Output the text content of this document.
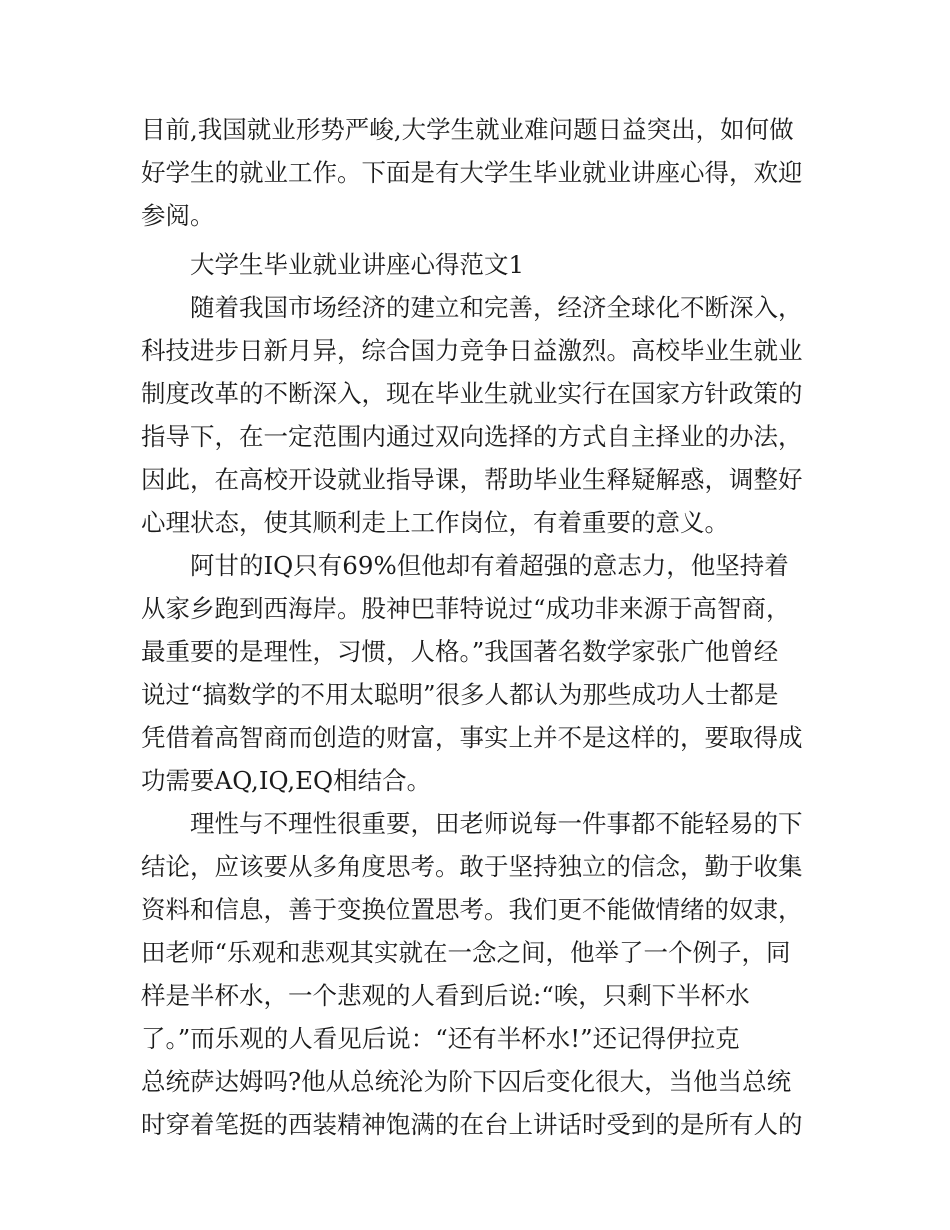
目前,我国就业形势严峻,大学生就业难问题日益突出，如何做
好学生的就业工作。下面是有大学生毕业就业讲座心得，欢迎
参阅。
大学生毕业就业讲座心得范文1
随着我国市场经济的建立和完善，经济全球化不断深入，
科技进步日新月异，综合国力竞争日益激烈。高校毕业生就业
制度改革的不断深入，现在毕业生就业实行在国家方针政策的
指导下，在一定范围内通过双向选择的方式自主择业的办法，
因此，在高校开设就业指导课，帮助毕业生释疑解惑，调整好
心理状态，使其顺利走上工作岗位，有着重要的意义。
阿甘的IQ只有69%但他却有着超强的意志力，他坚持着
从家乡跑到西海岸。股神巴菲特说过“成功非来源于高智商，
最重要的是理性，习惯，人格。”我国著名数学家张广他曾经
说过“搞数学的不用太聪明”很多人都认为那些成功人士都是
凭借着高智商而创造的财富，事实上并不是这样的，要取得成
功需要AQ,IQ,EQ相结合。
理性与不理性很重要，田老师说每一件事都不能轻易的下
结论，应该要从多角度思考。敢于坚持独立的信念，勤于收集
资料和信息，善于变换位置思考。我们更不能做情绪的奴隶，
田老师“乐观和悲观其实就在一念之间，他举了一个例子，同
样是半杯水，一个悲观的人看到后说:“唉，只剩下半杯水
了。”而乐观的人看见后说：“还有半杯水!”还记得伊拉克
总统萨达姆吗?他从总统沦为阶下囚后变化很大，当他当总统
时穿着笔挺的西装精神饱满的在台上讲话时受到的是所有人的
